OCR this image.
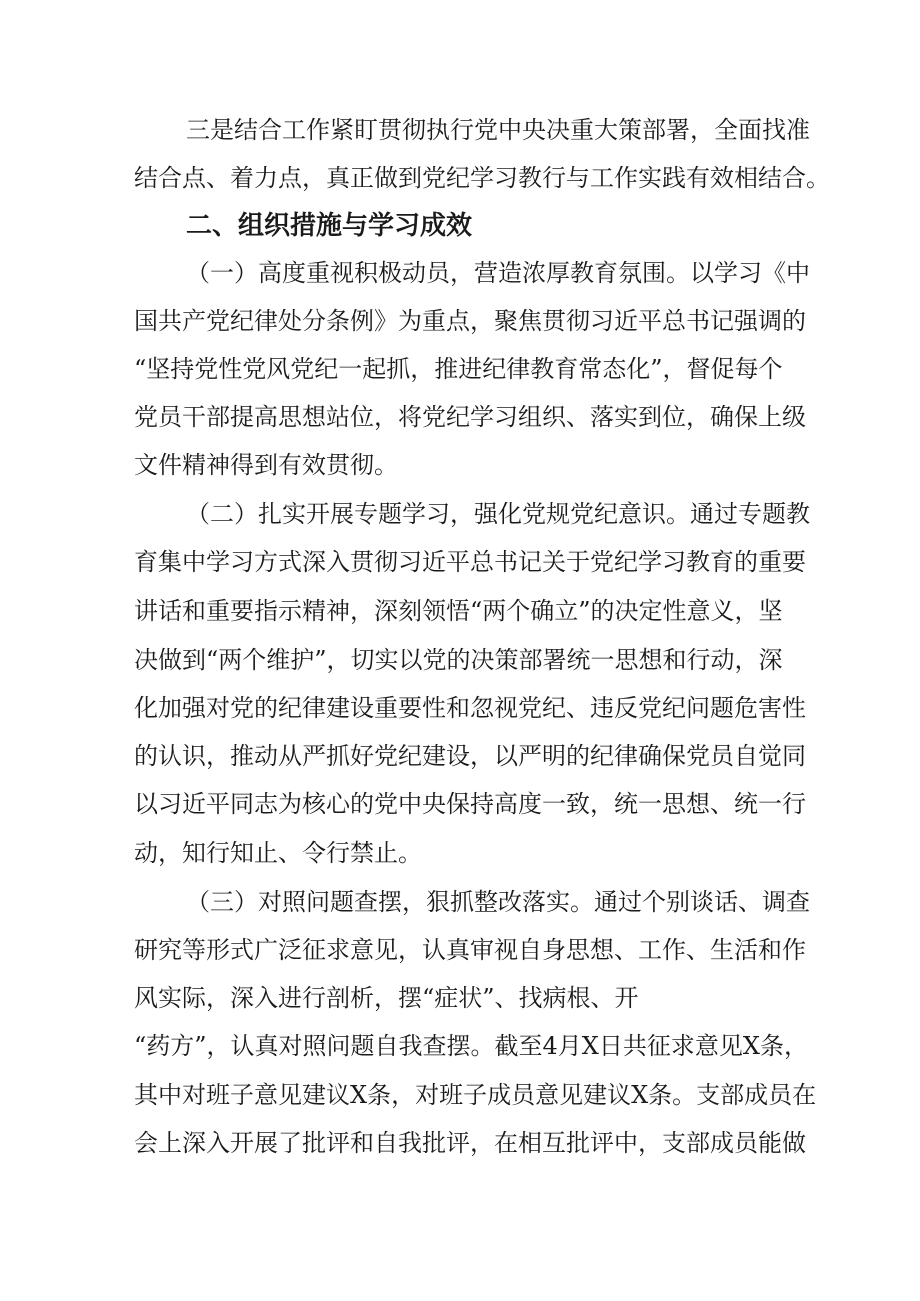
三是结合工作紧盯贯彻执行党中央决重大策部署，全面找准
结合点、着力点，真正做到党纪学习教行与工作实践有效相结合。
二、组织措施与学习成效
（一）高度重视积极动员，营造浓厚教育氛围。以学习《中
国共产党纪律处分条例》为重点，聚焦贯彻习近平总书记强调的
“坚持党性党风党纪一起抓，推进纪律教育常态化”，督促每个
党员干部提高思想站位，将党纪学习组织、落实到位，确保上级
文件精神得到有效贯彻。
（二）扎实开展专题学习，强化党规党纪意识。通过专题教
育集中学习方式深入贯彻习近平总书记关于党纪学习教育的重要
讲话和重要指示精神，深刻领悟“两个确立”的决定性意义，坚
决做到“两个维护”，切实以党的决策部署统一思想和行动，深
化加强对党的纪律建设重要性和忽视党纪、违反党纪问题危害性
的认识，推动从严抓好党纪建设，以严明的纪律确保党员自觉同
以习近平同志为核心的党中央保持高度一致，统一思想、统一行
动，知行知止、令行禁止。
（三）对照问题查摆，狠抓整改落实。通过个别谈话、调查
研究等形式广泛征求意见，认真审视自身思想、工作、生活和作
风实际，深入进行剖析，摆“症状”、找病根、开
“药方”，认真对照问题自我查摆。截至4月X日共征求意见X条，
其中对班子意见建议X条，对班子成员意见建议X条。支部成员在
会上深入开展了批评和自我批评，在相互批评中，支部成员能做
